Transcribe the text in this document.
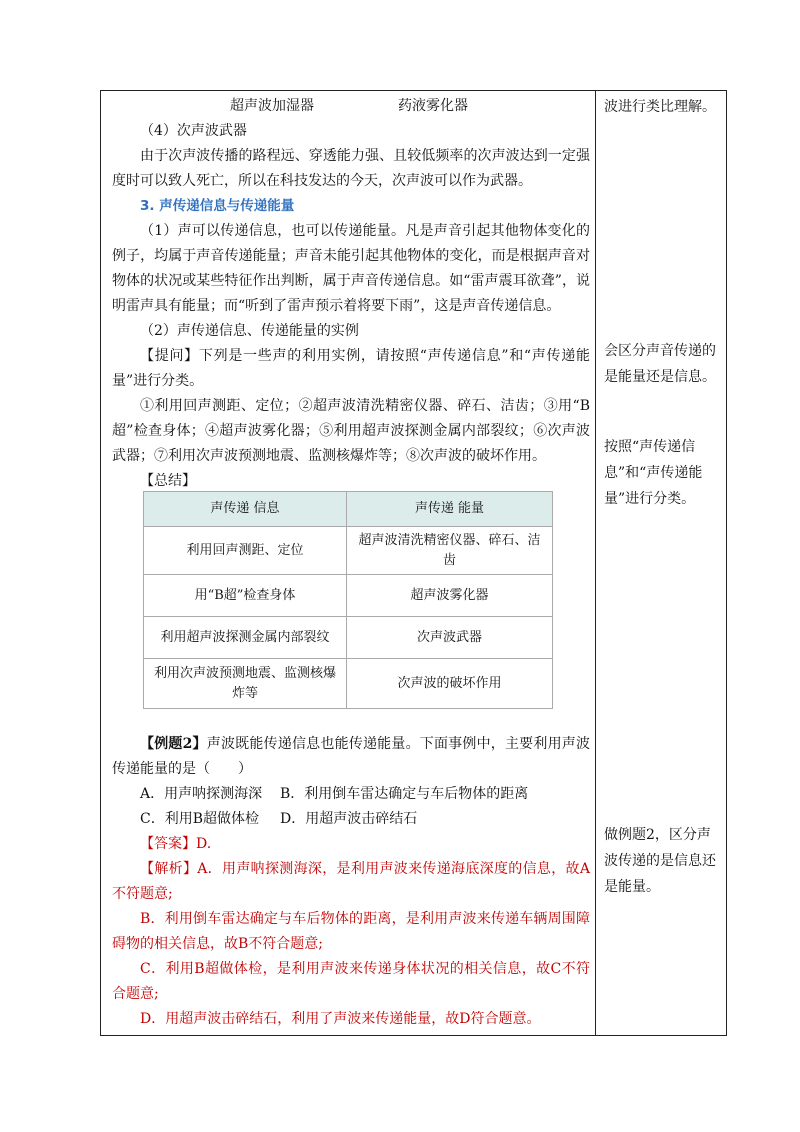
超声波加湿器	药液雾化器

（4）次声波武器

由于次声波传播的路程远、穿透能力强、且较低频率的次声波达到一定强度时可以致人死亡，所以在科技发达的今天，次声波可以作为武器。

3. 声传递信息与传递能量

（1）声可以传递信息，也可以传递能量。凡是声音引起其他物体变化的例子，均属于声音传递能量；声音未能引起其他物体的变化，而是根据声音对物体的状况或某些特征作出判断，属于声音传递信息。如“雷声震耳欲聋”，说明雷声具有能量；而“听到了雷声预示着将要下雨”，这是声音传递信息。

（2）声传递信息、传递能量的实例

【提问】下列是一些声的利用实例，请按照“声传递信息”和“声传递能量”进行分类。

①利用回声测距、定位；②超声波清洗精密仪器、碎石、洁齿；③用“B超”检查身体；④超声波雾化器；⑤利用超声波探测金属内部裂纹；⑥次声波武器；⑦利用次声波预测地震、监测核爆炸等；⑧次声波的破坏作用。

【总结】

声传递 信息	声传递 能量
利用回声测距、定位	超声波清洗精密仪器、碎石、洁齿
用“B超”检查身体	超声波雾化器
利用超声波探测金属内部裂纹	次声波武器
利用次声波预测地震、监测核爆炸等	次声波的破坏作用

【例题2】声波既能传递信息也能传递能量。下面事例中，主要利用声波传递能量的是（　　）

A．用声呐探测海深 B．利用倒车雷达确定与车后物体的距离
C．利用B超做体检 D．用超声波击碎结石

【答案】D.

【解析】A．用声呐探测海深，是利用声波来传递海底深度的信息，故A不符题意;

B．利用倒车雷达确定与车后物体的距离，是利用声波来传递车辆周围障碍物的相关信息，故B不符合题意;

C．利用B超做体检，是利用声波来传递身体状况的相关信息，故C不符合题意;

D．用超声波击碎结石，利用了声波来传递能量，故D符合题意。

波进行类比理解。

会区分声音传递的是能量还是信息。

按照“声传递信息”和“声传递能量”进行分类。

做例题2，区分声波传递的是信息还是能量。
